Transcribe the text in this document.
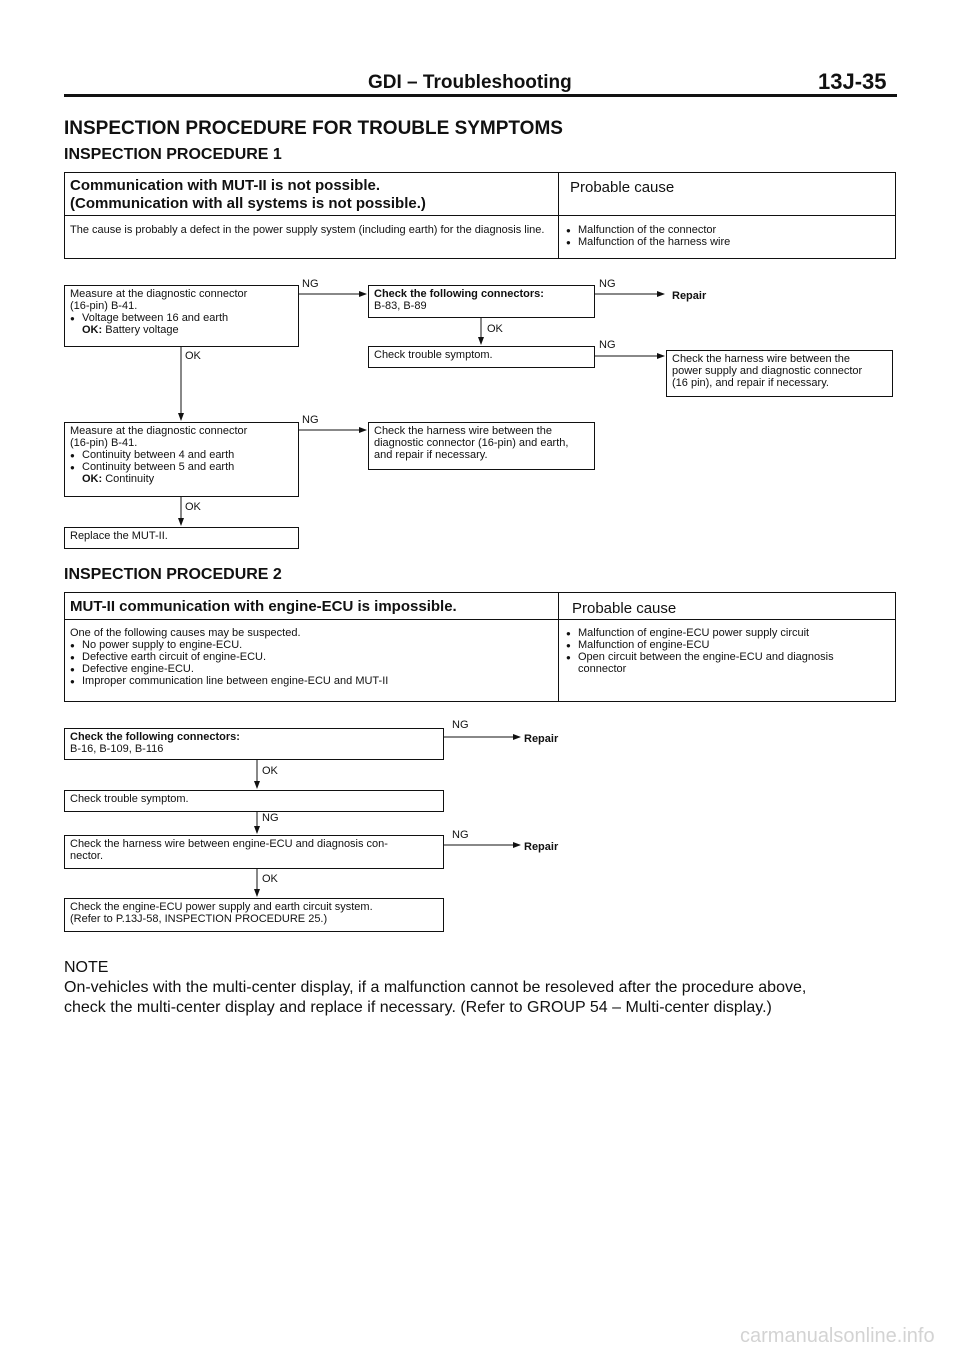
GDI – Troubleshooting	13J-35
INSPECTION PROCEDURE FOR TROUBLE SYMPTOMS
INSPECTION PROCEDURE 1
Communication with MUT-II is not possible.
(Communication with all systems is not possible.)
Probable cause
The cause is probably a defect in the power supply system (including earth) for the diagnosis line.
●	Malfunction of the connector
● Malfunction of the harness wire
Measure at the diagnostic connector
(16-pin) B-41.
● Voltage between 16 and earth
OK: Battery voltage
Check the following connectors:
B-83, B-89
Check trouble symptom.	Check the harness wire between the
power supply and diagnostic connector
(16 pin), and repair if necessary.
Measure at the diagnostic connector
(16-pin) B-41.
● Continuity between 4 and earth
● Continuity between 5 and earth
OK: Continuity
Check the harness wire between the
diagnostic connector (16-pin) and earth,
and repair if necessary.
Replace the MUT-II.
NG	NG
Repair
OK
NG
OK
NG
OK
INSPECTION PROCEDURE 2
MUT-II communication with engine-ECU is impossible.	Probable cause
One of the following causes may be suspected.
● No power supply to engine-ECU.
● Defective earth circuit of engine-ECU.
● Defective engine-ECU.
● Improper communication line between engine-ECU and MUT-II
● Malfunction of engine-ECU power supply circuit
● Malfunction of engine-ECU
● Open circuit between the engine-ECU and diagnosis
connector
Check the following connectors:
B-16, B-109, B-116
Check trouble symptom.
Check the harness wire between engine-ECU and diagnosis con-
nector.
Check the engine-ECU power supply and earth circuit system.
(Refer to P.13J-58, INSPECTION PROCEDURE 25.)
NG
Repair
OK
NG
NG
Repair
OK
NOTE
On-vehicles with the multi-center display, if a malfunction cannot be resoleved after the procedure above,
check the multi-center display and replace if necessary. (Refer to GROUP 54 – Multi-center display.)
carmanualsonline.info
